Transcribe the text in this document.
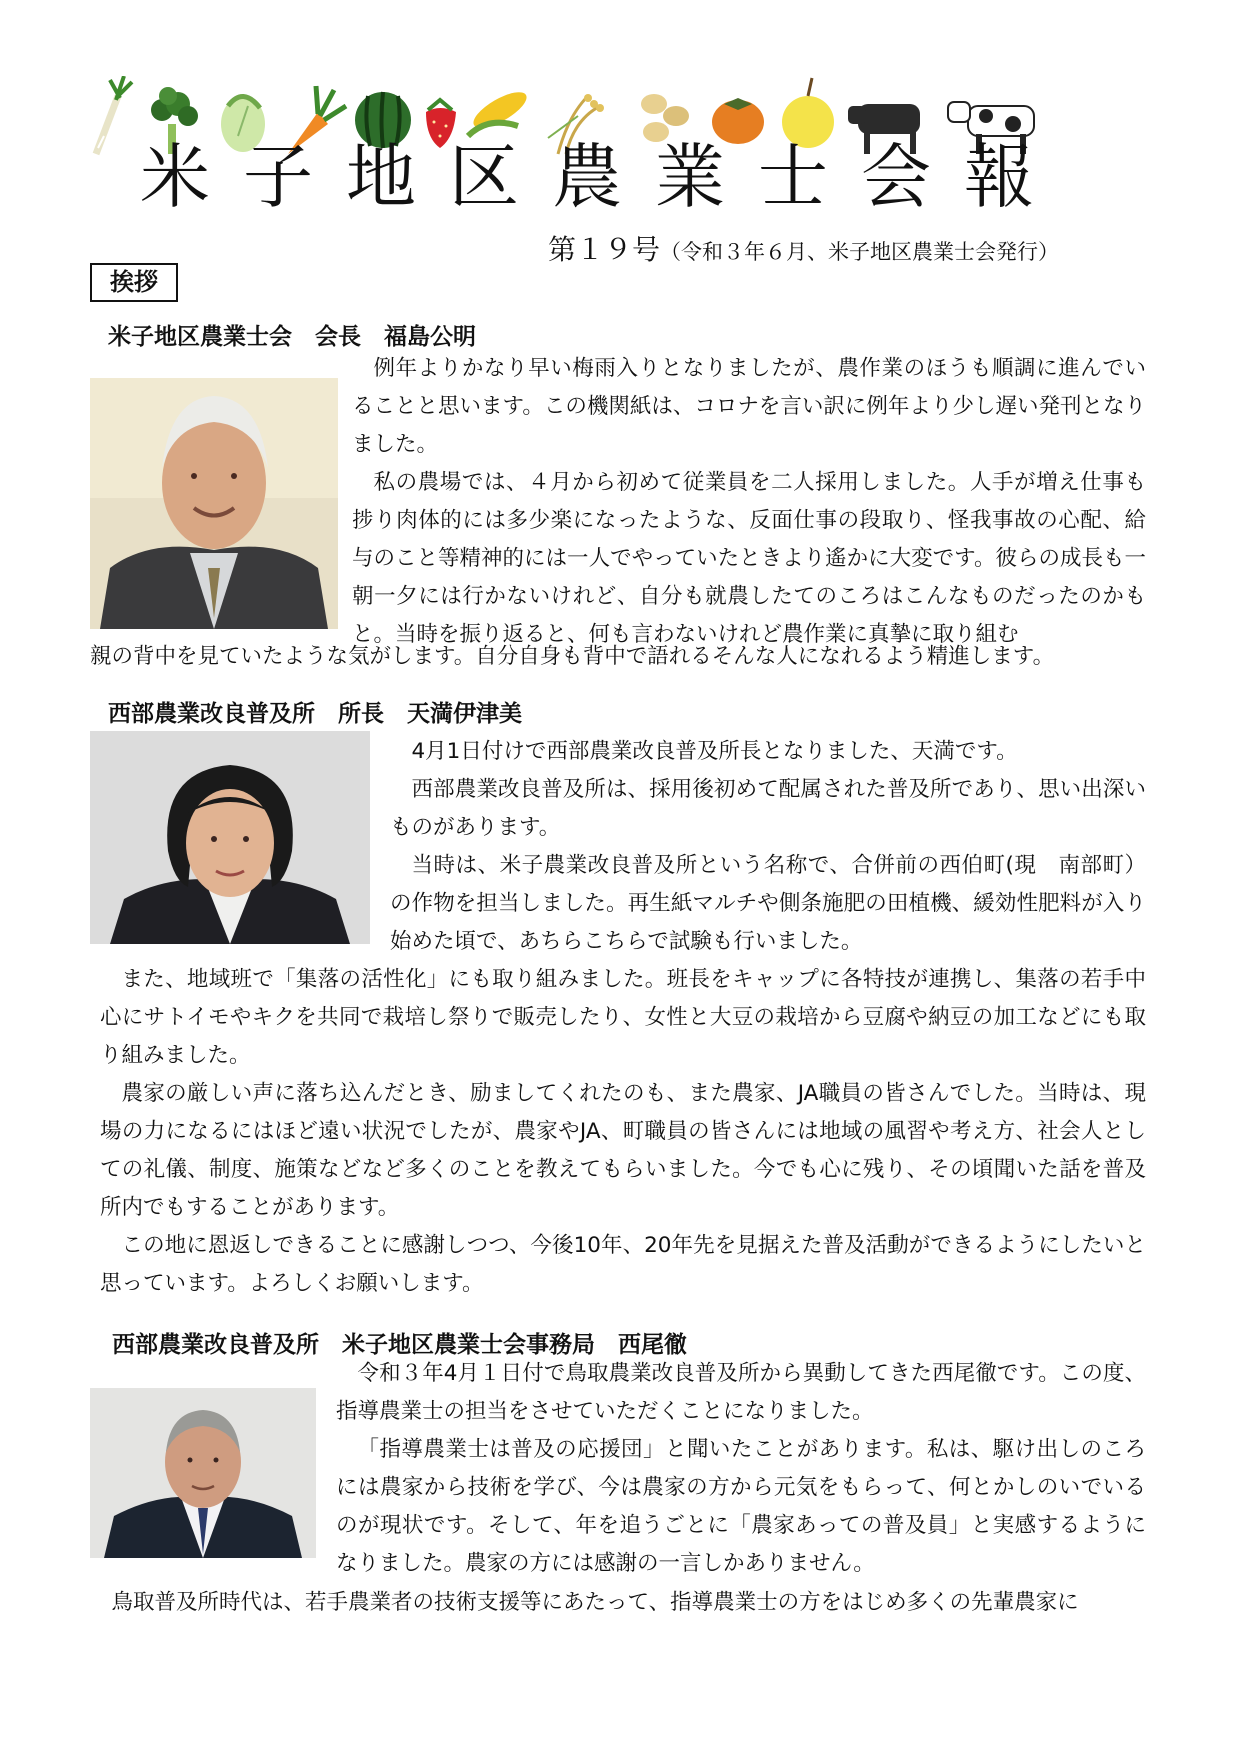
米子地区農業士会報
第１９号（令和３年６月、米子地区農業士会発行）
挨拶
米子地区農業士会　会長　福島公明

例年よりかなり早い梅雨入りとなりましたが、農作業のほうも順調に進んでいることと思います。この機関紙は、コロナを言い訳に例年より少し遅い発刊となりました。

私の農場では、４月から初めて従業員を二人採用しました。人手が増え仕事も捗り肉体的には多少楽になったような、反面仕事の段取り、怪我事故の心配、給与のこと等精神的には一人でやっていたときより遙かに大変です。彼らの成長も一朝一夕には行かないけれど、自分も就農したてのころはこんなものだったのかもと。当時を振り返ると、何も言わないけれど農作業に真摯に取り組む

親の背中を見ていたような気がします。自分自身も背中で語れるそんな人になれるよう精進します。

西部農業改良普及所　所長　天満伊津美

4月1日付けで西部農業改良普及所長となりました、天満です。

西部農業改良普及所は、採用後初めて配属された普及所であり、思い出深いものがあります。

当時は、米子農業改良普及所という名称で、合併前の西伯町(現　南部町）の作物を担当しました。再生紙マルチや側条施肥の田植機、緩効性肥料が入り始めた頃で、あちらこちらで試験も行いました。

また、地域班で「集落の活性化」にも取り組みました。班長をキャップに各特技が連携し、集落の若手中心にサトイモやキクを共同で栽培し祭りで販売したり、女性と大豆の栽培から豆腐や納豆の加工などにも取り組みました。

農家の厳しい声に落ち込んだとき、励ましてくれたのも、また農家、JA職員の皆さんでした。当時は、現場の力になるにはほど遠い状況でしたが、農家やJA、町職員の皆さんには地域の風習や考え方、社会人としての礼儀、制度、施策などなど多くのことを教えてもらいました。今でも心に残り、その頃聞いた話を普及所内でもすることがあります。

この地に恩返しできることに感謝しつつ、今後10年、20年先を見据えた普及活動ができるようにしたいと思っています。よろしくお願いします。

西部農業改良普及所　米子地区農業士会事務局　西尾徹

令和３年4月１日付で鳥取農業改良普及所から異動してきた西尾徹です。この度、指導農業士の担当をさせていただくことになりました。

「指導農業士は普及の応援団」と聞いたことがあります。私は、駆け出しのころには農家から技術を学び、今は農家の方から元気をもらって、何とかしのいでいるのが現状です。そして、年を追うごとに「農家あっての普及員」と実感するようになりました。農家の方には感謝の一言しかありません。

鳥取普及所時代は、若手農業者の技術支援等にあたって、指導農業士の方をはじめ多くの先輩農家に
